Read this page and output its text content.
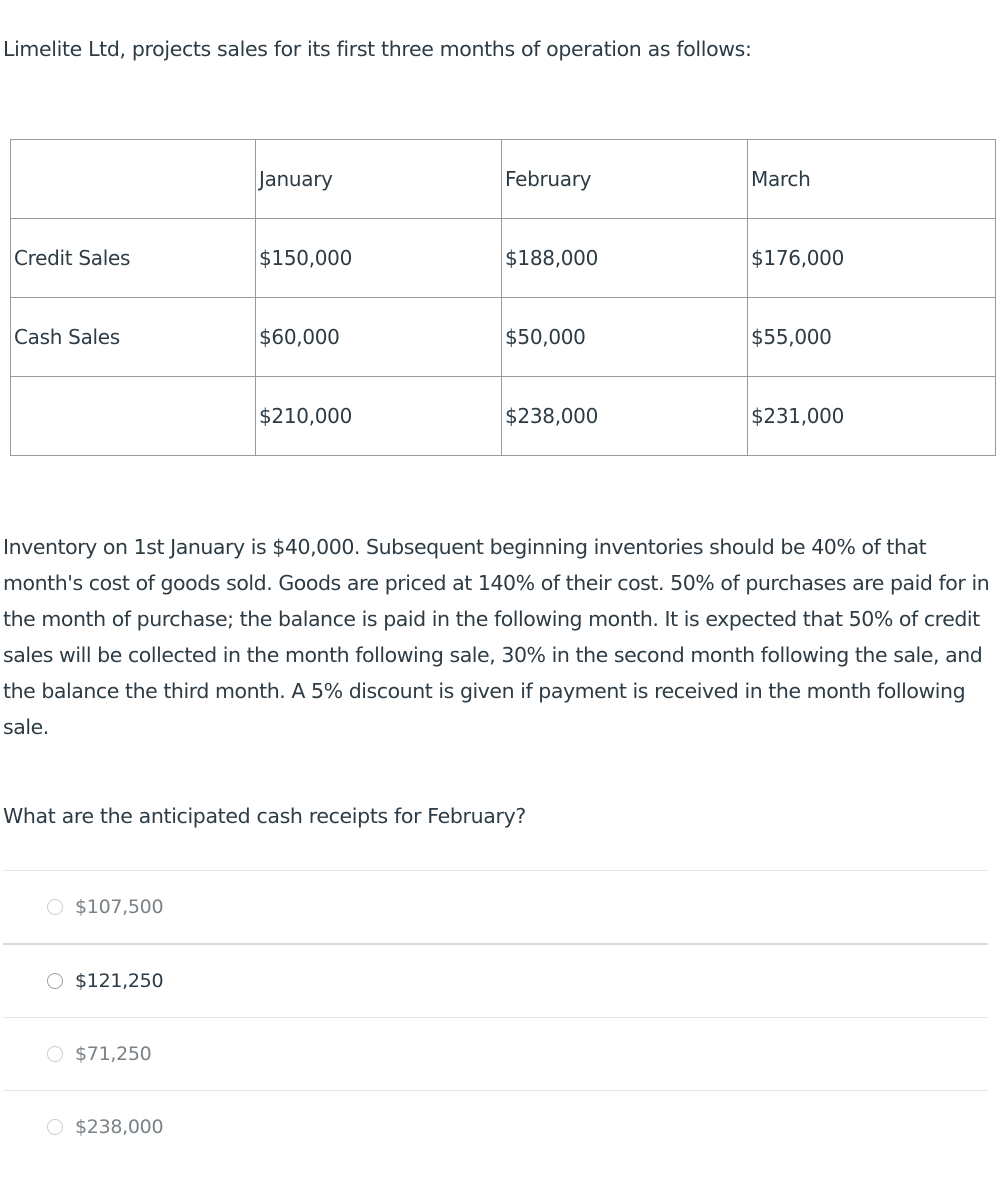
Limelite Ltd, projects sales for its first three months of operation as follows:

	January	February	March
Credit Sales	$150,000	$188,000	$176,000
Cash Sales	$60,000	$50,000	$55,000
	$210,000	$238,000	$231,000

Inventory on 1st January is $40,000. Subsequent beginning inventories should be 40% of that month's cost of goods sold. Goods are priced at 140% of their cost. 50% of purchases are paid for in the month of purchase; the balance is paid in the following month. It is expected that 50% of credit sales will be collected in the month following sale, 30% in the second month following the sale, and the balance the third month. A 5% discount is given if payment is received in the month following sale.

What are the anticipated cash receipts for February?

$107,500
$121,250
$71,250
$238,000
